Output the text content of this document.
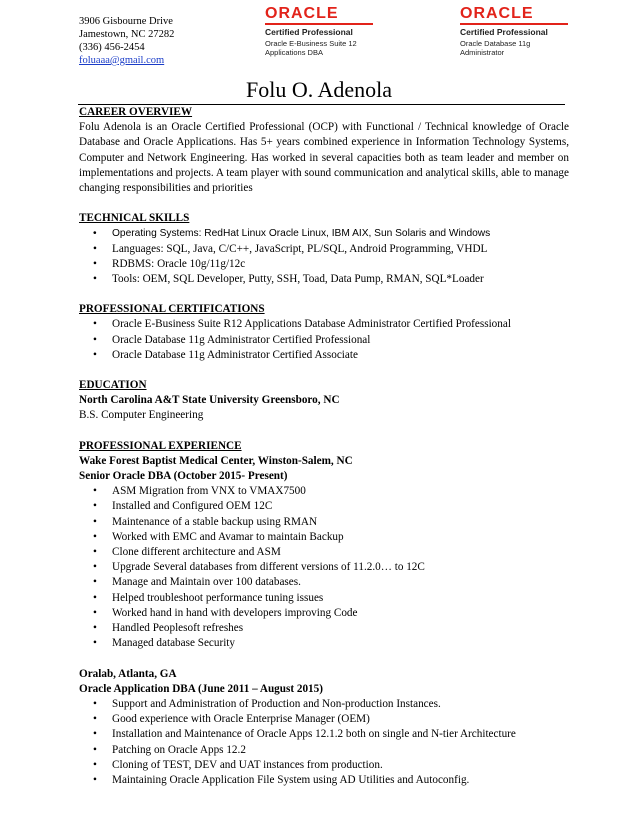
3906 Gisbourne Drive
Jamestown, NC 27282
(336) 456-2454
foluaaa@gmail.com
ORACLE
Certified Professional
Oracle E-Business Suite 12
Applications DBA
ORACLE
Certified Professional
Oracle Database 11g
Administrator
Folu O. Adenola
CAREER OVERVIEW

Folu Adenola is an Oracle Certified Professional (OCP) with Functional / Technical knowledge of Oracle Database and Oracle Applications. Has 5+ years combined experience in Information Technology Systems, Computer and Network Engineering. Has worked in several capacities both as team leader and member on implementations and projects. A team player with sound communication and analytical skills, able to manage changing responsibilities and priorities

TECHNICAL SKILLS
• Operating Systems: RedHat Linux Oracle Linux, IBM AIX, Sun Solaris and Windows
• Languages: SQL, Java, C/C++, JavaScript, PL/SQL, Android Programming, VHDL
• RDBMS: Oracle 10g/11g/12c
• Tools: OEM, SQL Developer, Putty, SSH, Toad, Data Pump, RMAN, SQL*Loader
PROFESSIONAL CERTIFICATIONS
• Oracle E-Business Suite R12 Applications Database Administrator Certified Professional
• Oracle Database 11g Administrator Certified Professional
• Oracle Database 11g Administrator Certified Associate
EDUCATION
North Carolina A&T State University Greensboro, NC
B.S. Computer Engineering
PROFESSIONAL EXPERIENCE
Wake Forest Baptist Medical Center, Winston-Salem, NC
Senior Oracle DBA (October 2015- Present)
• ASM Migration from VNX to VMAX7500
• Installed and Configured OEM 12C
• Maintenance of a stable backup using RMAN
• Worked with EMC and Avamar to maintain Backup
• Clone different architecture and ASM
• Upgrade Several databases from different versions of 11.2.0… to 12C
• Manage and Maintain over 100 databases.
• Helped troubleshoot performance tuning issues
• Worked hand in hand with developers improving Code
• Handled Peoplesoft refreshes
• Managed database Security
Oralab, Atlanta, GA
Oracle Application DBA (June 2011 – August 2015)
• Support and Administration of Production and Non-production Instances.
• Good experience with Oracle Enterprise Manager (OEM)
• Installation and Maintenance of Oracle Apps 12.1.2 both on single and N-tier Architecture
• Patching on Oracle Apps 12.2
• Cloning of TEST, DEV and UAT instances from production.
• Maintaining Oracle Application File System using AD Utilities and Autoconfig.
